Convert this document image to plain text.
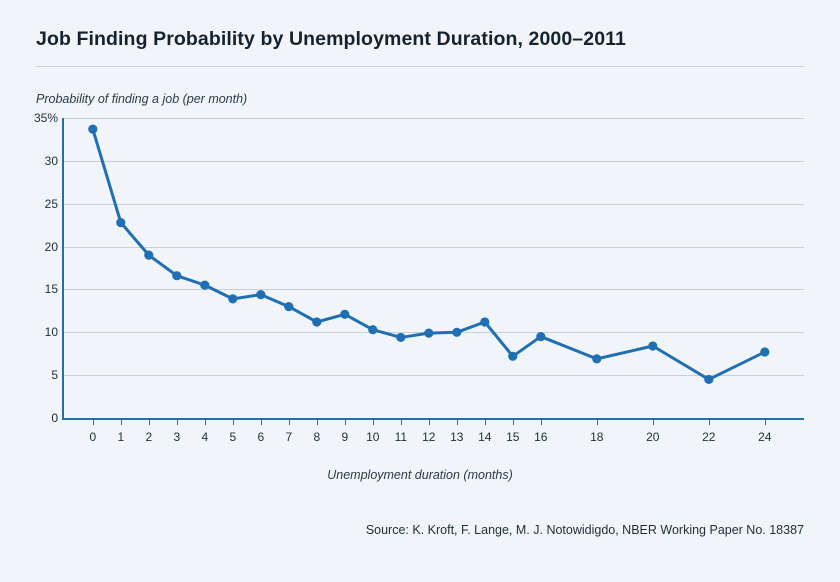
Job Finding Probability by Unemployment Duration, 2000–2011
Probability of finding a job (per month)
35%
30
25
20
15
10
5
0
0 1 2 3 4 5 6 7 8 9 10 11 12 13 14 15 16	18	20	22	24
Unemployment duration (months)
Source: K. Kroft, F. Lange, M. J. Notowidigdo, NBER Working Paper No. 18387
